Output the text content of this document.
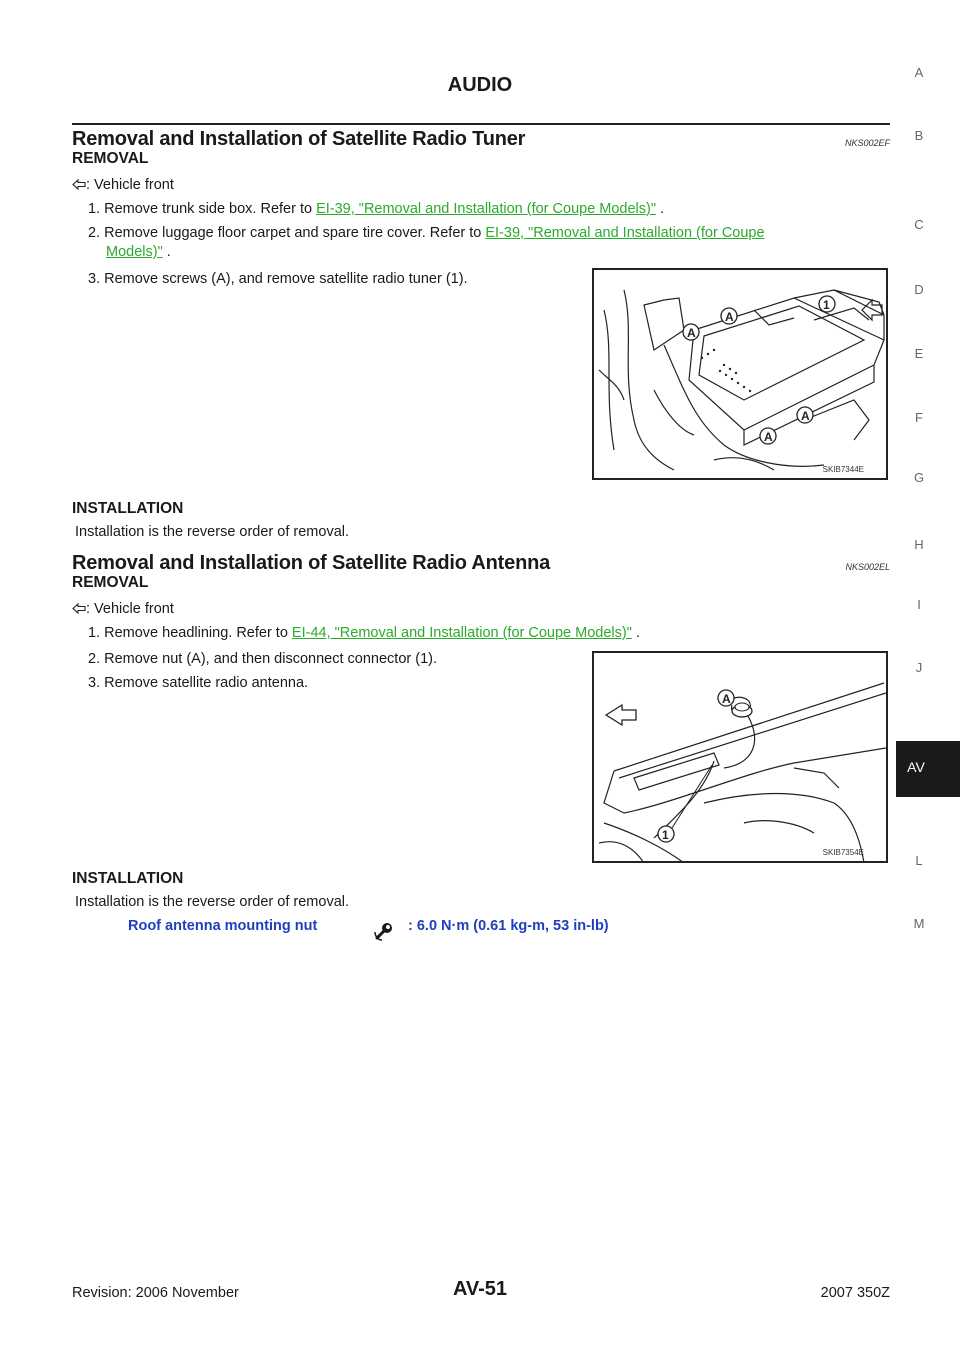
AUDIO
Removal and Installation of Satellite Radio Tuner	NKS002EF
REMOVAL
: Vehicle front
1. Remove trunk side box. Refer to EI-39, "Removal and Installation (for Coupe Models)" .
2. Remove luggage floor carpet and spare tire cover. Refer to EI-39, "Removal and Installation (for Coupe
Models)" .
3. Remove screws (A), and remove satellite radio tuner (1).
A
A
A
A
1
SKIB7344E
INSTALLATION
Installation is the reverse order of removal.
Removal and Installation of Satellite Radio Antenna	NKS002EL
REMOVAL
: Vehicle front
1. Remove headlining. Refer to EI-44, "Removal and Installation (for Coupe Models)" .
2. Remove nut (A), and then disconnect connector (1).
3. Remove satellite radio antenna.
A
1
SKIB7354E
INSTALLATION
Installation is the reverse order of removal.
Roof antenna mounting nut	: 6.0 N·m (0.61 kg-m, 53 in-lb)
A
B
C
D
E
F
G
H
I
J
AV
L
M
Revision: 2006 November	AV-51	2007 350Z
